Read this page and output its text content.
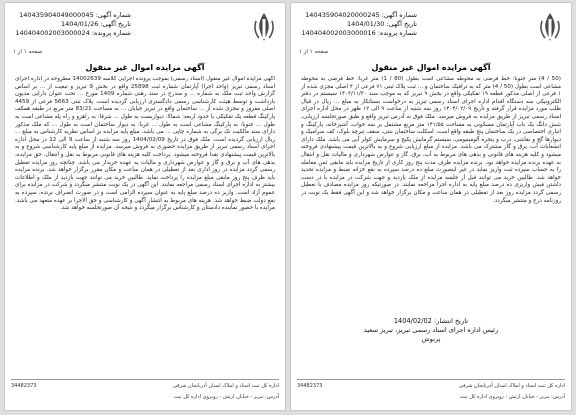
شماره آگهی: 140435904020000245
تاریخ آگهی: 1404/01/30
شماره پرونده: 140404002003000016
صفحه ۱ از ۱
آگهی مزایده اموال غیر منقول
(50 / 4) متر جنوبا: خط فرضی به محوطه مشاعی است بطول (80 / 1) متر غربا: خط فرضی به محوطه مشاعی است بطول (50 / 4) متر که به ترافیک ساختمان و ... ثبت پلاک ثبتی ۷۱ فرعی از ۴ اصلی مجزی شده از ۱ فرعی از اصلی مذکور قطعه ۱۹ تفکیکی واقع در بخش ۹ تبریز که به موجب سند ۱۴۰۳/۱۱/۳۰ سیستم در دفتر الکترونیکی سه دستگاه اقدام اداره اجرای اسناد رسمی تبریز به درخواست بستانکار به مبلغ ... ریال در قبال طلب مورد مزایده قرار گرفته و تاریخ ۱۴۰۴/۰۲/۰۹ روز سه شنبه از ساعت ۹ الی ۱۲ ظهر در محل اداره اجرای اسناد رسمی تبریز از طریق مزایده به فروش میرسد. ملک فوق به آدرس تبریز واقع و طبق صورتجلسه ارزیابی، شش دانگ یک باب آپارتمان مسکونی به مساحت ۱۴۱/۵۵ متر مربع مشتمل بر سه خواب، آشپزخانه، پارکینگ و انباری اختصاصی در یک ساختمان پنج طبقه واقع است. اسکلت ساختمان بتنی، سقف تیرچه بلوک، کف سرامیک و دیوارها گچ و نقاشی، درب و پنجره آلومینیومی، سیستم گرمایش پکیج و سرمایش کولر آبی می باشد. ملک دارای انشعابات آب، برق و گاز مشترک می باشد. مزایده از مبلغ ارزیابی شروع و به بالاترین قیمت پیشنهادی فروخته میشود و کلیه هزینه های قانونی و بدهی های مربوط به آب، برق، گاز و عوارض شهرداری و مالیات نقل و انتقال به عهده برنده مزایده خواهد بود. برنده مزایده ظرف مدت پنج روز کاری از تاریخ مزایده باید مابقی ثمن معامله را به حساب سپرده ثبت واریز نماید در غیر اینصورت مبلغ ده درصد سپرده به نفع خزانه ضبط و مزایده تجدید خواهد شد. طالبین خرید می توانند قبل از جلسه مزایده از ملک بازدید و جهت شرکت در مزایده با در دست داشتن فیش واریزی ده درصد مبلغ پایه به اداره اجرا مراجعه نمایند. در صورتیکه روز مزایده مصادف با تعطیل رسمی گردد مزایده روز بعد از تعطیلی در همان ساعت و مکان برگزار خواهد شد و این آگهی فقط یک نوبت در روزنامه درج و منتشر میگردد.
تاریخ انتشار: 1404/02/02
رئیس اداره اجرای اسناد رسمی تبریز، تبریز سعید
پرنوش
اداره کل ثبت اسناد و املاک استان آذربایجان شرقی
34482373
آدرس: تبریز - خیابان ارتش - روبروی اداره کل ثبت
شماره آگهی: 140435904049000045
تاریخ آگهی: 1404/01/26
شماره پرونده: 140404002003000024
صفحه ۱ از ۱
آگهی مزایده اموال غیر منقول
آگهی مزایده اموال غیر منقول (اسناد رسمی) بموجب پرونده اجرایی کلاسه 14002639 مطروحه در اداره اجرای اسناد رسمی تبریز (واحد اجرا) آپارتمان شماره ثبت 25898 واقع در بخش 9 تبریز و تبعیت از ... بر اساس گزارش واحد ثبت ملک به شماره ... و مندرج در سند رهنی شماره 1409 مورخ ... تحت عنوان دارایی مدیون بازداشت و توسط هیئت کارشناسی رسمی دادگستری ارزیابی گردیده است. پلاک ثبتی 5663 فرعی از 4459 اصلی مفروز و مجزی شده از ... ساختمان واقع در تبریز خیابان ... به مساحت 83/21 متر مربع در طبقه همکف پارکینگ قطعه یک تفکیکی با حدود اربعه: شمالا: دیواریست به طول ... شرقا: به راهرو و راه پله مشاعی است به طول ... جنوبا: به پارکینگ مشاعی است به طول ... غربا: به دیوار ساختمان است به طول ... که ملک مذکور دارای سند مالکیت تک برگی به شماره چاپی ... می باشد. مبلغ پایه مزایده بر اساس نظریه کارشناس به مبلغ ... ریال ارزیابی گردیده است. ملک فوق در تاریخ 1404/02/09 روز سه شنبه از ساعت 9 الی 12 در محل اداره اجرای اسناد رسمی تبریز از طریق مزایده حضوری به فروش میرسد. مزایده از مبلغ پایه کارشناسی شروع و به بالاترین قیمت پیشنهادی نقدا فروخته میشود. پرداخت کلیه هزینه های قانونی مربوط به نقل و انتقال، حق مزایده، بدهی های آب و برق و گاز و عوارض شهرداری و مالیات به عهده خریدار می باشد. چنانچه روز مزایده تعطیل رسمی گردد مزایده در روز اداری بعد از تعطیلی در همان ساعت و مکان مقرر برگزار خواهد شد. برنده مزایده باید ظرف پنج روز مابقی مبلغ مزایده را پرداخت نماید. طالبین خرید می توانند جهت بازدید از ملک و اطلاعات بیشتر به اداره اجرای اسناد رسمی مراجعه نمایند. این آگهی در یک نوبت منتشر میگردد و شرکت در مزایده برای عموم آزاد است. واریز ده درصد مبلغ پایه به عنوان سپرده الزامی است و در صورت انصراف برنده، سپرده به نفع دولت ضبط خواهد شد. هزینه های مربوط به انتشار آگهی و کارشناسی و حق الاجرا بر عهده متعهد می باشد. مزایده با حضور نماینده دادستان و کارشناس برگزار میگردد و نتیجه آن صورتجلسه خواهد شد.
اداره کل ثبت اسناد و املاک استان آذربایجان شرقی
34482373
آدرس: تبریز - خیابان ارتش - روبروی اداره کل ثبت
